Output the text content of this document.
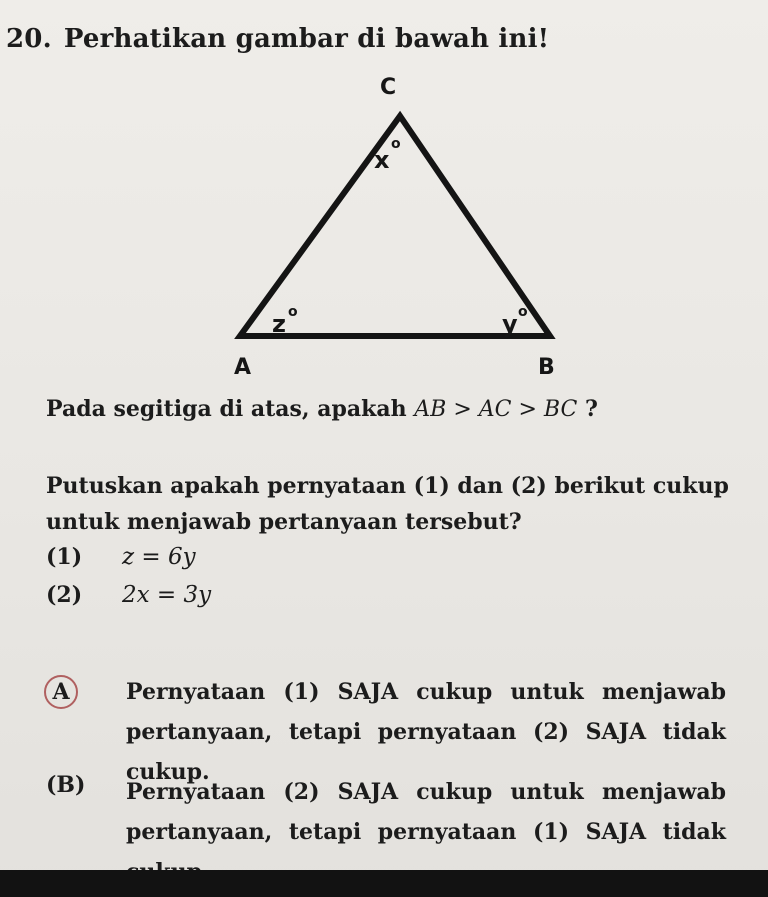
20. Perhatikan gambar di bawah ini!
C
A	B
x
o
z o	y o
Pada segitiga di atas, apakah AB > AC > BC ?
Putuskan apakah pernyataan (1) dan (2) berikut cukup untuk menjawab pertanyaan tersebut?
(1) z = 6y
(2) 2x = 3y
A	Pernyataan (1) SAJA cukup untuk menjawab pertanyaan, tetapi pernyataan (2) SAJA tidak cukup.
(B) Pernyataan (2) SAJA cukup untuk menjawab pertanyaan, tetapi pernyataan (1) SAJA tidak
